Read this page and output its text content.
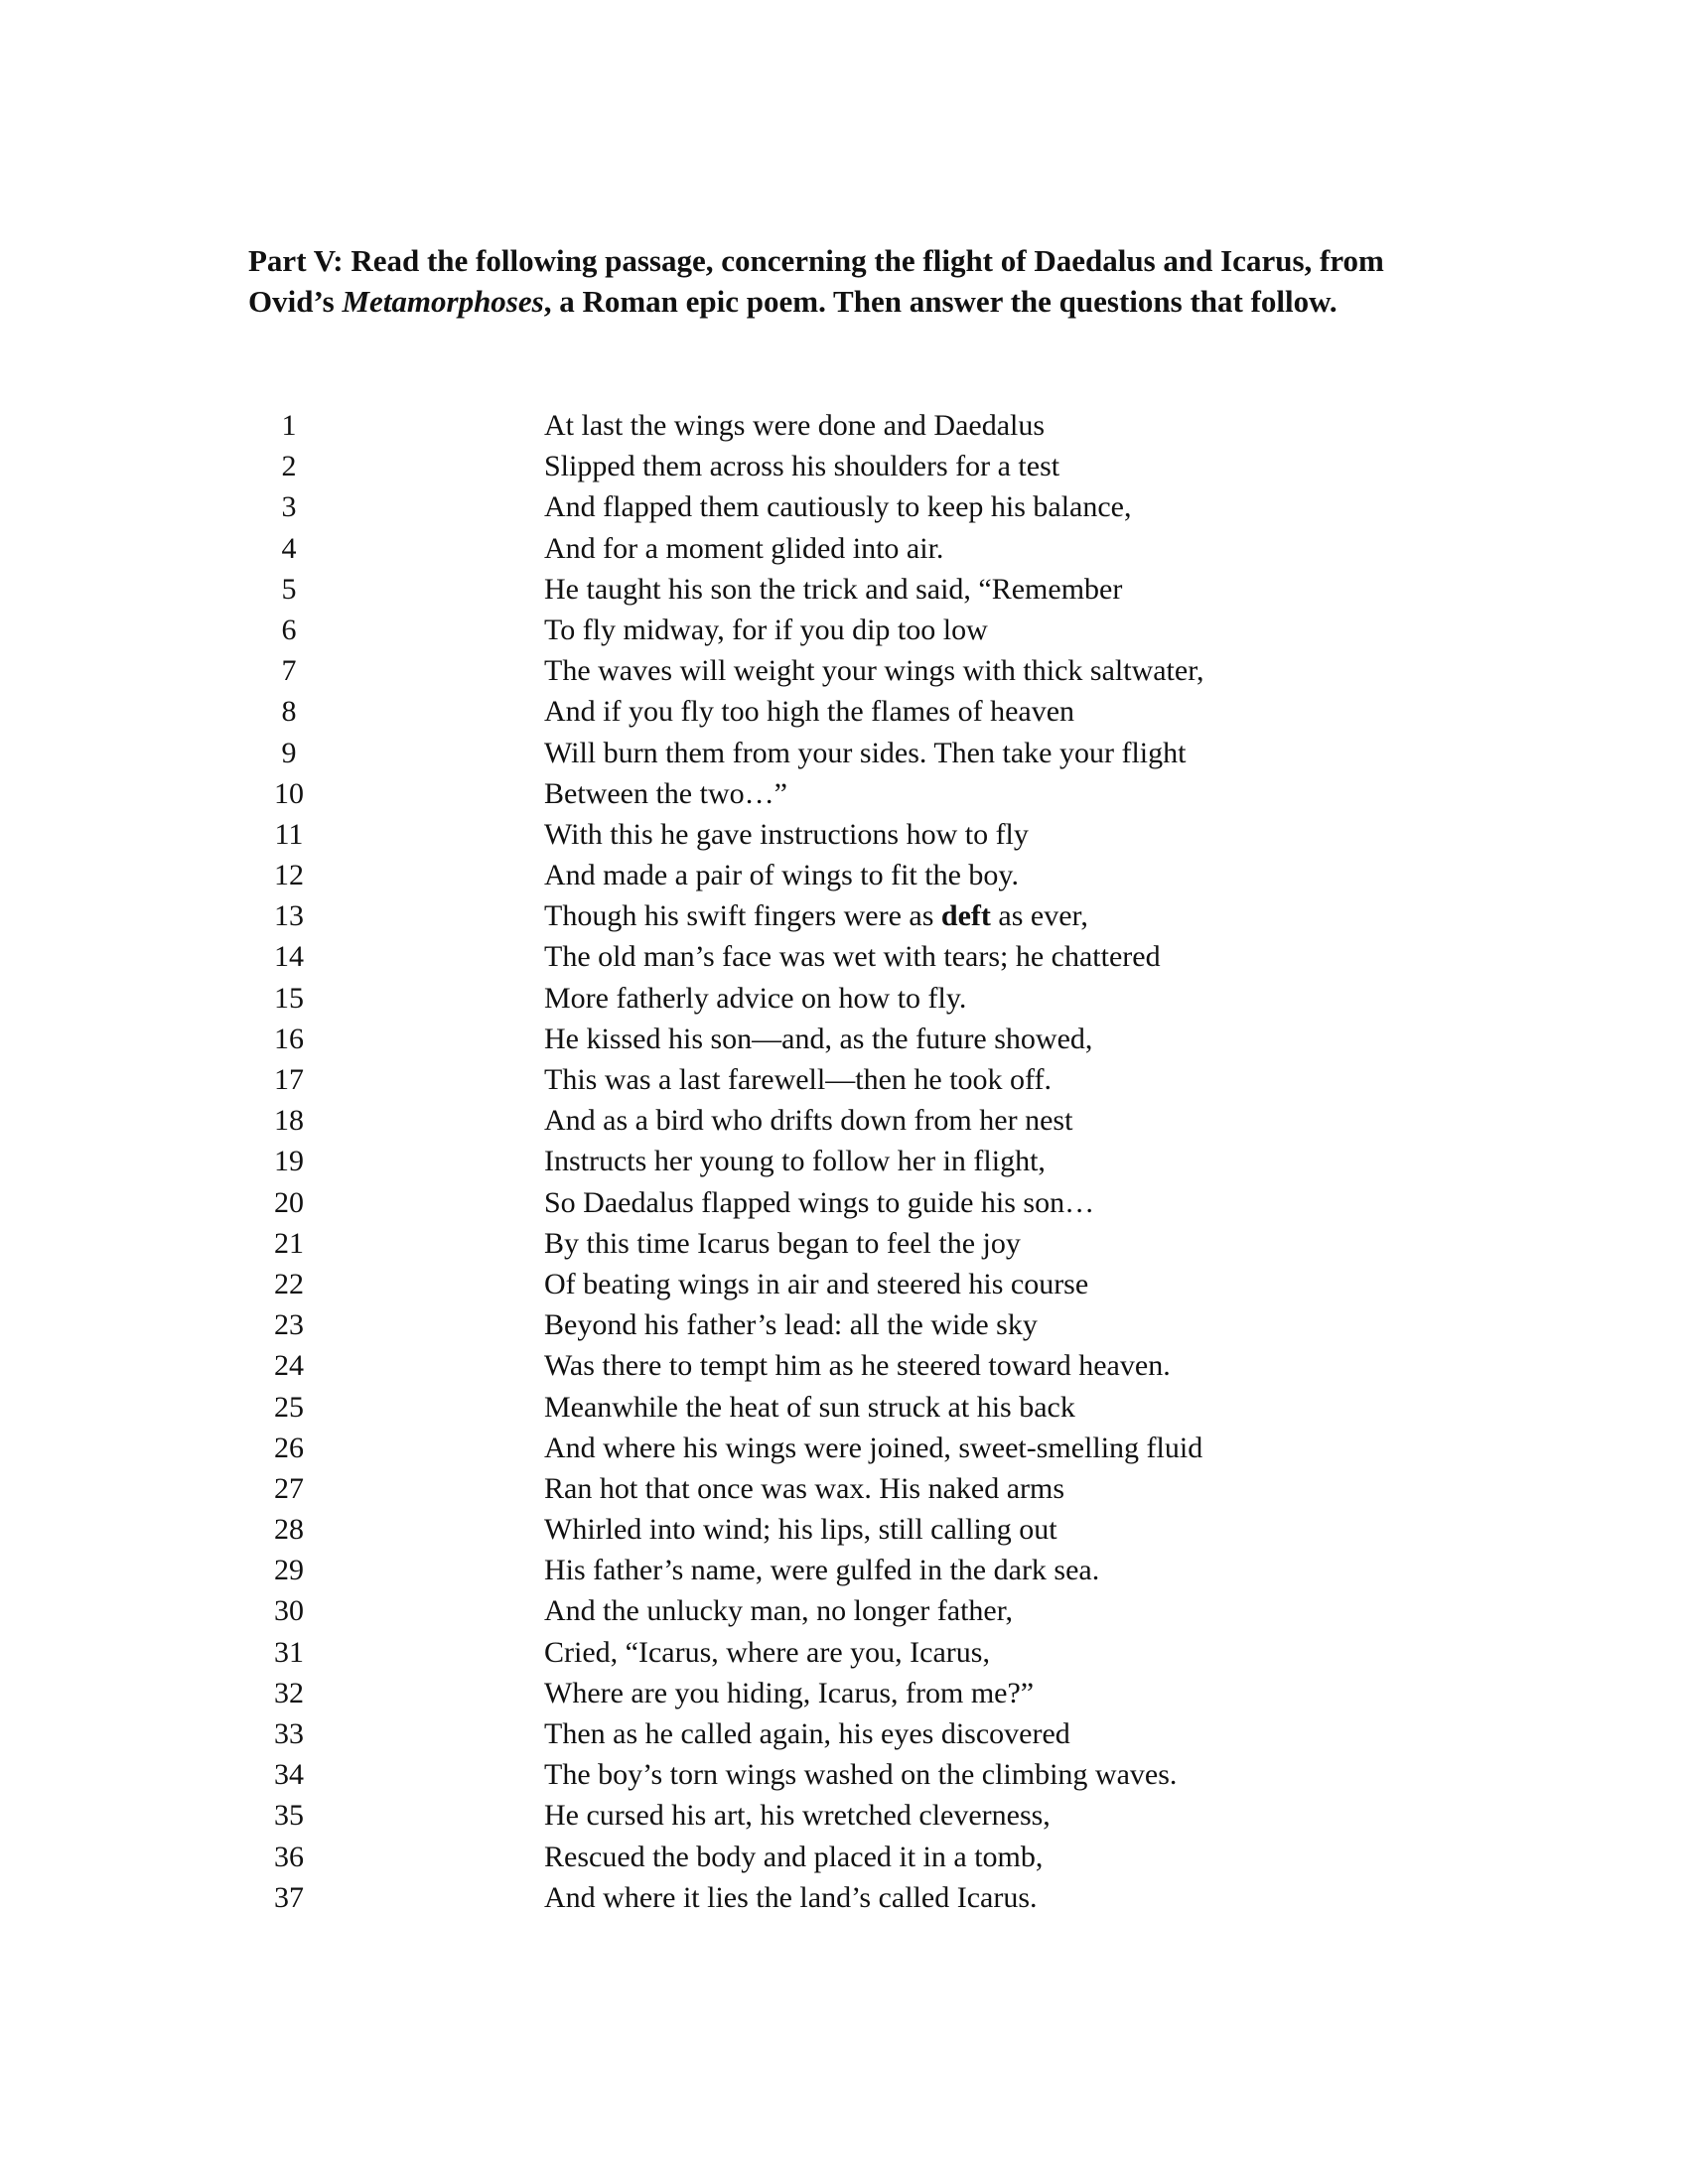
Part V: Read the following passage, concerning the flight of Daedalus and Icarus, from Ovid’s Metamorphoses, a Roman epic poem. Then answer the questions that follow.
1	At last the wings were done and Daedalus
2	Slipped them across his shoulders for a test
3	And flapped them cautiously to keep his balance,
4	And for a moment glided into air.
5	He taught his son the trick and said, “Remember
6	To fly midway, for if you dip too low
7	The waves will weight your wings with thick saltwater,
8	And if you fly too high the flames of heaven
9	Will burn them from your sides. Then take your flight
10	Between the two…”
11	With this he gave instructions how to fly
12	And made a pair of wings to fit the boy.
13	Though his swift fingers were as deft as ever,
14	The old man’s face was wet with tears; he chattered
15	More fatherly advice on how to fly.
16	He kissed his son—and, as the future showed,
17	This was a last farewell—then he took off.
18	And as a bird who drifts down from her nest
19	Instructs her young to follow her in flight,
20	So Daedalus flapped wings to guide his son…
21	By this time Icarus began to feel the joy
22	Of beating wings in air and steered his course
23	Beyond his father’s lead: all the wide sky
24	Was there to tempt him as he steered toward heaven.
25	Meanwhile the heat of sun struck at his back
26	And where his wings were joined, sweet-smelling fluid
27	Ran hot that once was wax. His naked arms
28	Whirled into wind; his lips, still calling out
29	His father’s name, were gulfed in the dark sea.
30	And the unlucky man, no longer father,
31	Cried, “Icarus, where are you, Icarus,
32	Where are you hiding, Icarus, from me?”
33	Then as he called again, his eyes discovered
34	The boy’s torn wings washed on the climbing waves.
35	He cursed his art, his wretched cleverness,
36	Rescued the body and placed it in a tomb,
37	And where it lies the land’s called Icarus.
